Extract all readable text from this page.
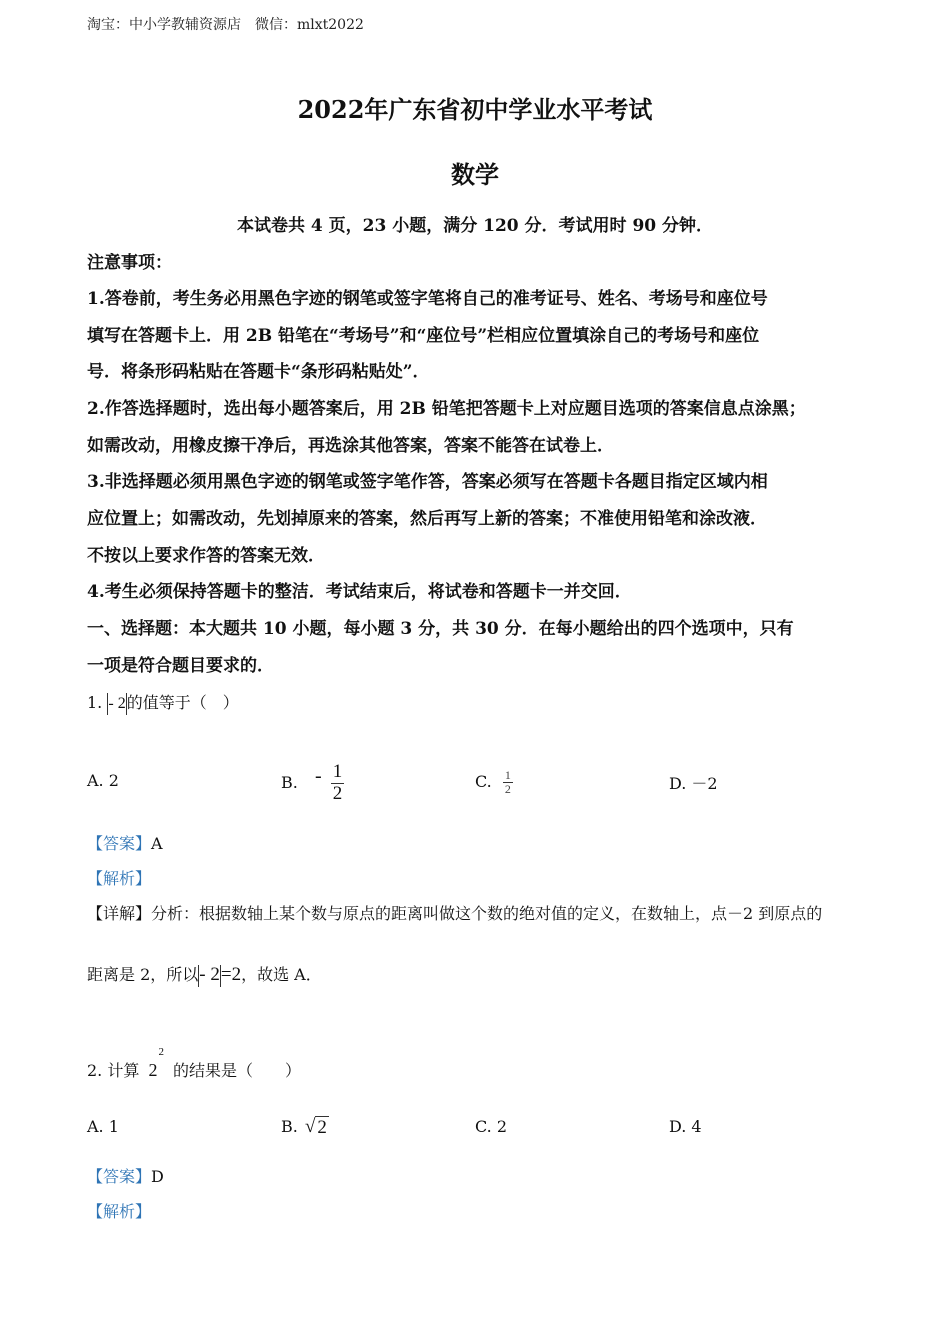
淘宝：中小学教辅资源店　微信：mlxt2022
2022年广东省初中学业水平考试
数学
本试卷共 4 页，23 小题，满分 120 分．考试用时 90 分钟．
注意事项：
1.答卷前，考生务必用黑色字迹的钢笔或签字笔将自己的准考证号、姓名、考场号和座位号
填写在答题卡上．用 2B 铅笔在“考场号”和“座位号”栏相应位置填涂自己的考场号和座位
号．将条形码粘贴在答题卡“条形码粘贴处”．
2.作答选择题时，选出每小题答案后，用 2B 铅笔把答题卡上对应题目选项的答案信息点涂黑；
如需改动，用橡皮擦干净后，再选涂其他答案，答案不能答在试卷上．
3.非选择题必须用黑色字迹的钢笔或签字笔作答，答案必须写在答题卡各题目指定区域内相
应位置上；如需改动，先划掉原来的答案，然后再写上新的答案；不准使用铅笔和涂改液．
不按以上要求作答的答案无效．
4.考生必须保持答题卡的整洁．考试结束后，将试卷和答题卡一并交回．
一、选择题：本大题共 10 小题，每小题 3 分，共 30 分．在每小题给出的四个选项中，只有
一项是符合题目要求的．
1. - 2的值等于（　）
A. 2	B. - $\frac{1}{2}$	C. $\frac{1}{2}$	D. －2
【答案】A
【解析】
【详解】分析：根据数轴上某个数与原点的距离叫做这个数的绝对值的定义，在数轴上，点－2 到原点的
距离是 2，所以- 2=2，故选 A．
2. 计算 $2^2$ 的结果是（　　）
A. 1	B. √ 2	C. 2	D. 4
【答案】D
【解析】
